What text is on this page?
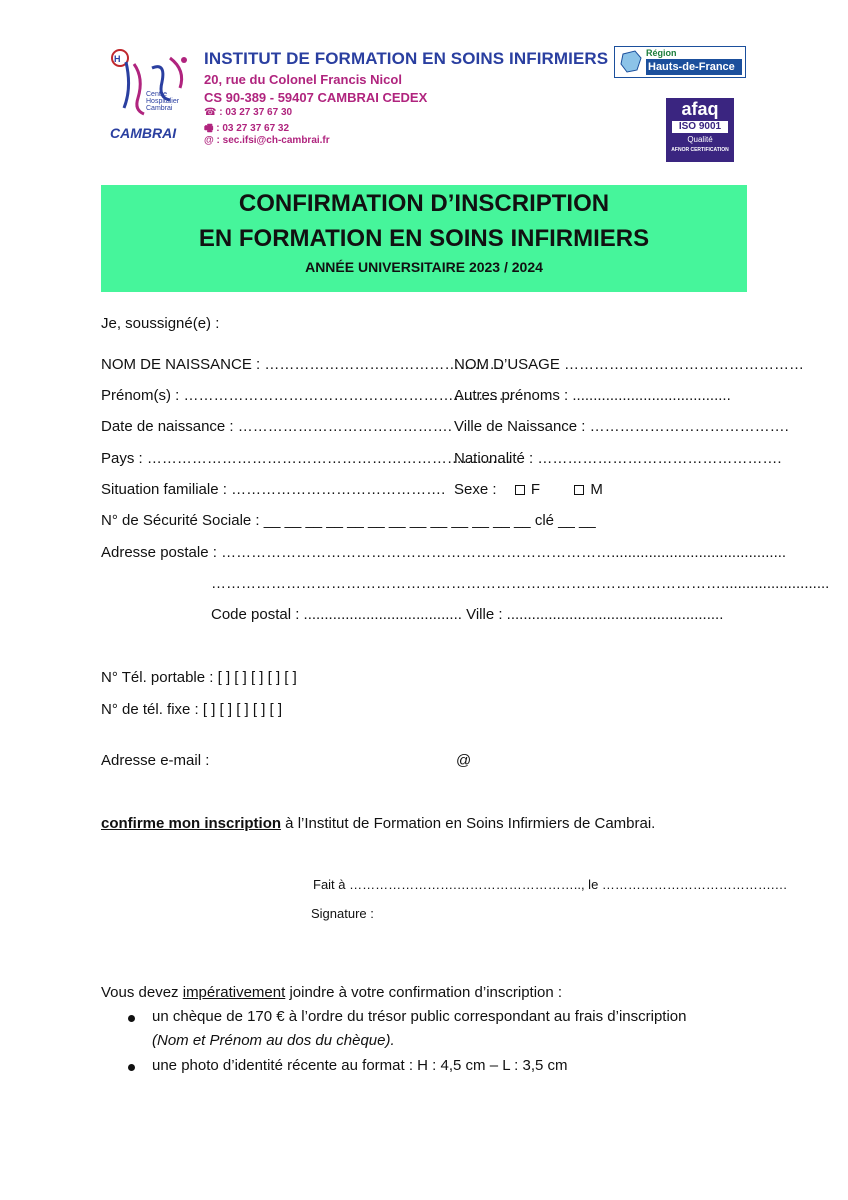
H
Centre
Hospitalier
Cambrai
CAMBRAI
INSTITUT DE FORMATION EN SOINS INFIRMIERS
20, rue du Colonel Francis Nicol
CS 90-389 - 59407 CAMBRAI CEDEX
☎ : 03 27 37 67 30
🖷 : 03 27 37 67 32
@ : sec.ifsi@ch-cambrai.fr
Région
Hauts-de-France
afaq
ISO 9001
Qualité
AFNOR CERTIFICATION
CONFIRMATION D’INSCRIPTION
EN FORMATION EN SOINS INFIRMIERS
ANNÉE UNIVERSITAIRE 2023 / 2024
Je, soussigné(e) :
NOM DE NAISSANCE : …………………………………………
NOM D’USAGE …………………………………………
Prénom(s) : …………………………………………………………
Autres prénoms : ......................................
Date de naissance : ……………………………………. Ville de Naissance : ………………………………….
Pays : ……………………………………………………………….
Nationalité : ………………………………………….
Situation familiale : ……………………………………. Sexe : F	M
N° de Sécurité Sociale : __ __ __ __ __ __ __ __ __ __ __ __ __ clé __ __
Adresse postale : ……………………………………………………………………..........................................
…………………………………………………………………………………………..........................
Code postal : ...................................... Ville : ....................................................
N° Tél. portable : [ ] [ ] [ ] [ ] [ ]
N° de tél. fixe : [ ] [ ] [ ] [ ] [ ]
Adresse e-mail :	@
confirme mon inscription à l’Institut de Formation en Soins Infirmiers de Cambrai.
Fait à …………………….……………………….., le ………………………………….…
Signature :
Vous devez impérativement joindre à votre confirmation d’inscription :
un chèque de 170 € à l’ordre du trésor public correspondant au frais d’inscription
(Nom et Prénom au dos du chèque).
une photo d’identité récente au format : H : 4,5 cm – L : 3,5 cm
